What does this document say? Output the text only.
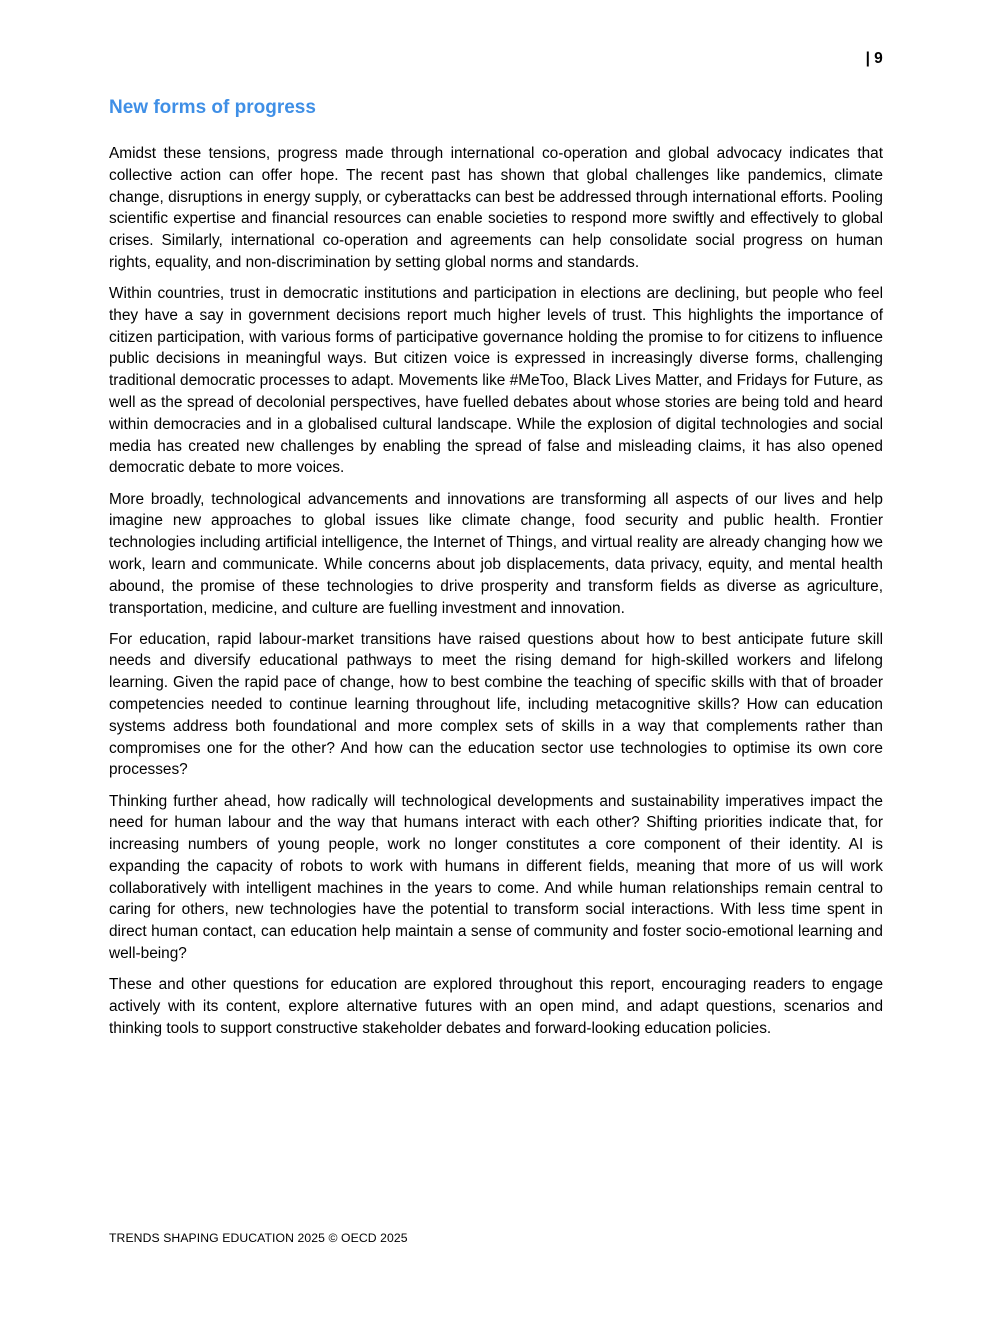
| 9
New forms of progress

Amidst these tensions, progress made through international co-operation and global advocacy indicates that collective action can offer hope. The recent past has shown that global challenges like pandemics, climate change, disruptions in energy supply, or cyberattacks can best be addressed through international efforts. Pooling scientific expertise and financial resources can enable societies to respond more swiftly and effectively to global crises. Similarly, international co-operation and agreements can help consolidate social progress on human rights, equality, and non-discrimination by setting global norms and standards.

Within countries, trust in democratic institutions and participation in elections are declining, but people who feel they have a say in government decisions report much higher levels of trust. This highlights the importance of citizen participation, with various forms of participative governance holding the promise to for citizens to influence public decisions in meaningful ways. But citizen voice is expressed in increasingly diverse forms, challenging traditional democratic processes to adapt. Movements like #MeToo, Black Lives Matter, and Fridays for Future, as well as the spread of decolonial perspectives, have fuelled debates about whose stories are being told and heard within democracies and in a globalised cultural landscape. While the explosion of digital technologies and social media has created new challenges by enabling the spread of false and misleading claims, it has also opened democratic debate to more voices.

More broadly, technological advancements and innovations are transforming all aspects of our lives and help imagine new approaches to global issues like climate change, food security and public health. Frontier technologies including artificial intelligence, the Internet of Things, and virtual reality are already changing how we work, learn and communicate. While concerns about job displacements, data privacy, equity, and mental health abound, the promise of these technologies to drive prosperity and transform fields as diverse as agriculture, transportation, medicine, and culture are fuelling investment and innovation.

For education, rapid labour-market transitions have raised questions about how to best anticipate future skill needs and diversify educational pathways to meet the rising demand for high-skilled workers and lifelong learning. Given the rapid pace of change, how to best combine the teaching of specific skills with that of broader competencies needed to continue learning throughout life, including metacognitive skills? How can education systems address both foundational and more complex sets of skills in a way that complements rather than compromises one for the other? And how can the education sector use technologies to optimise its own core processes?

Thinking further ahead, how radically will technological developments and sustainability imperatives impact the need for human labour and the way that humans interact with each other? Shifting priorities indicate that, for increasing numbers of young people, work no longer constitutes a core component of their identity. AI is expanding the capacity of robots to work with humans in different fields, meaning that more of us will work collaboratively with intelligent machines in the years to come. And while human relationships remain central to caring for others, new technologies have the potential to transform social interactions. With less time spent in direct human contact, can education help maintain a sense of community and foster socio-emotional learning and well-being?

These and other questions for education are explored throughout this report, encouraging readers to engage actively with its content, explore alternative futures with an open mind, and adapt questions, scenarios and thinking tools to support constructive stakeholder debates and forward-looking education policies.

TRENDS SHAPING EDUCATION 2025 © OECD 2025
